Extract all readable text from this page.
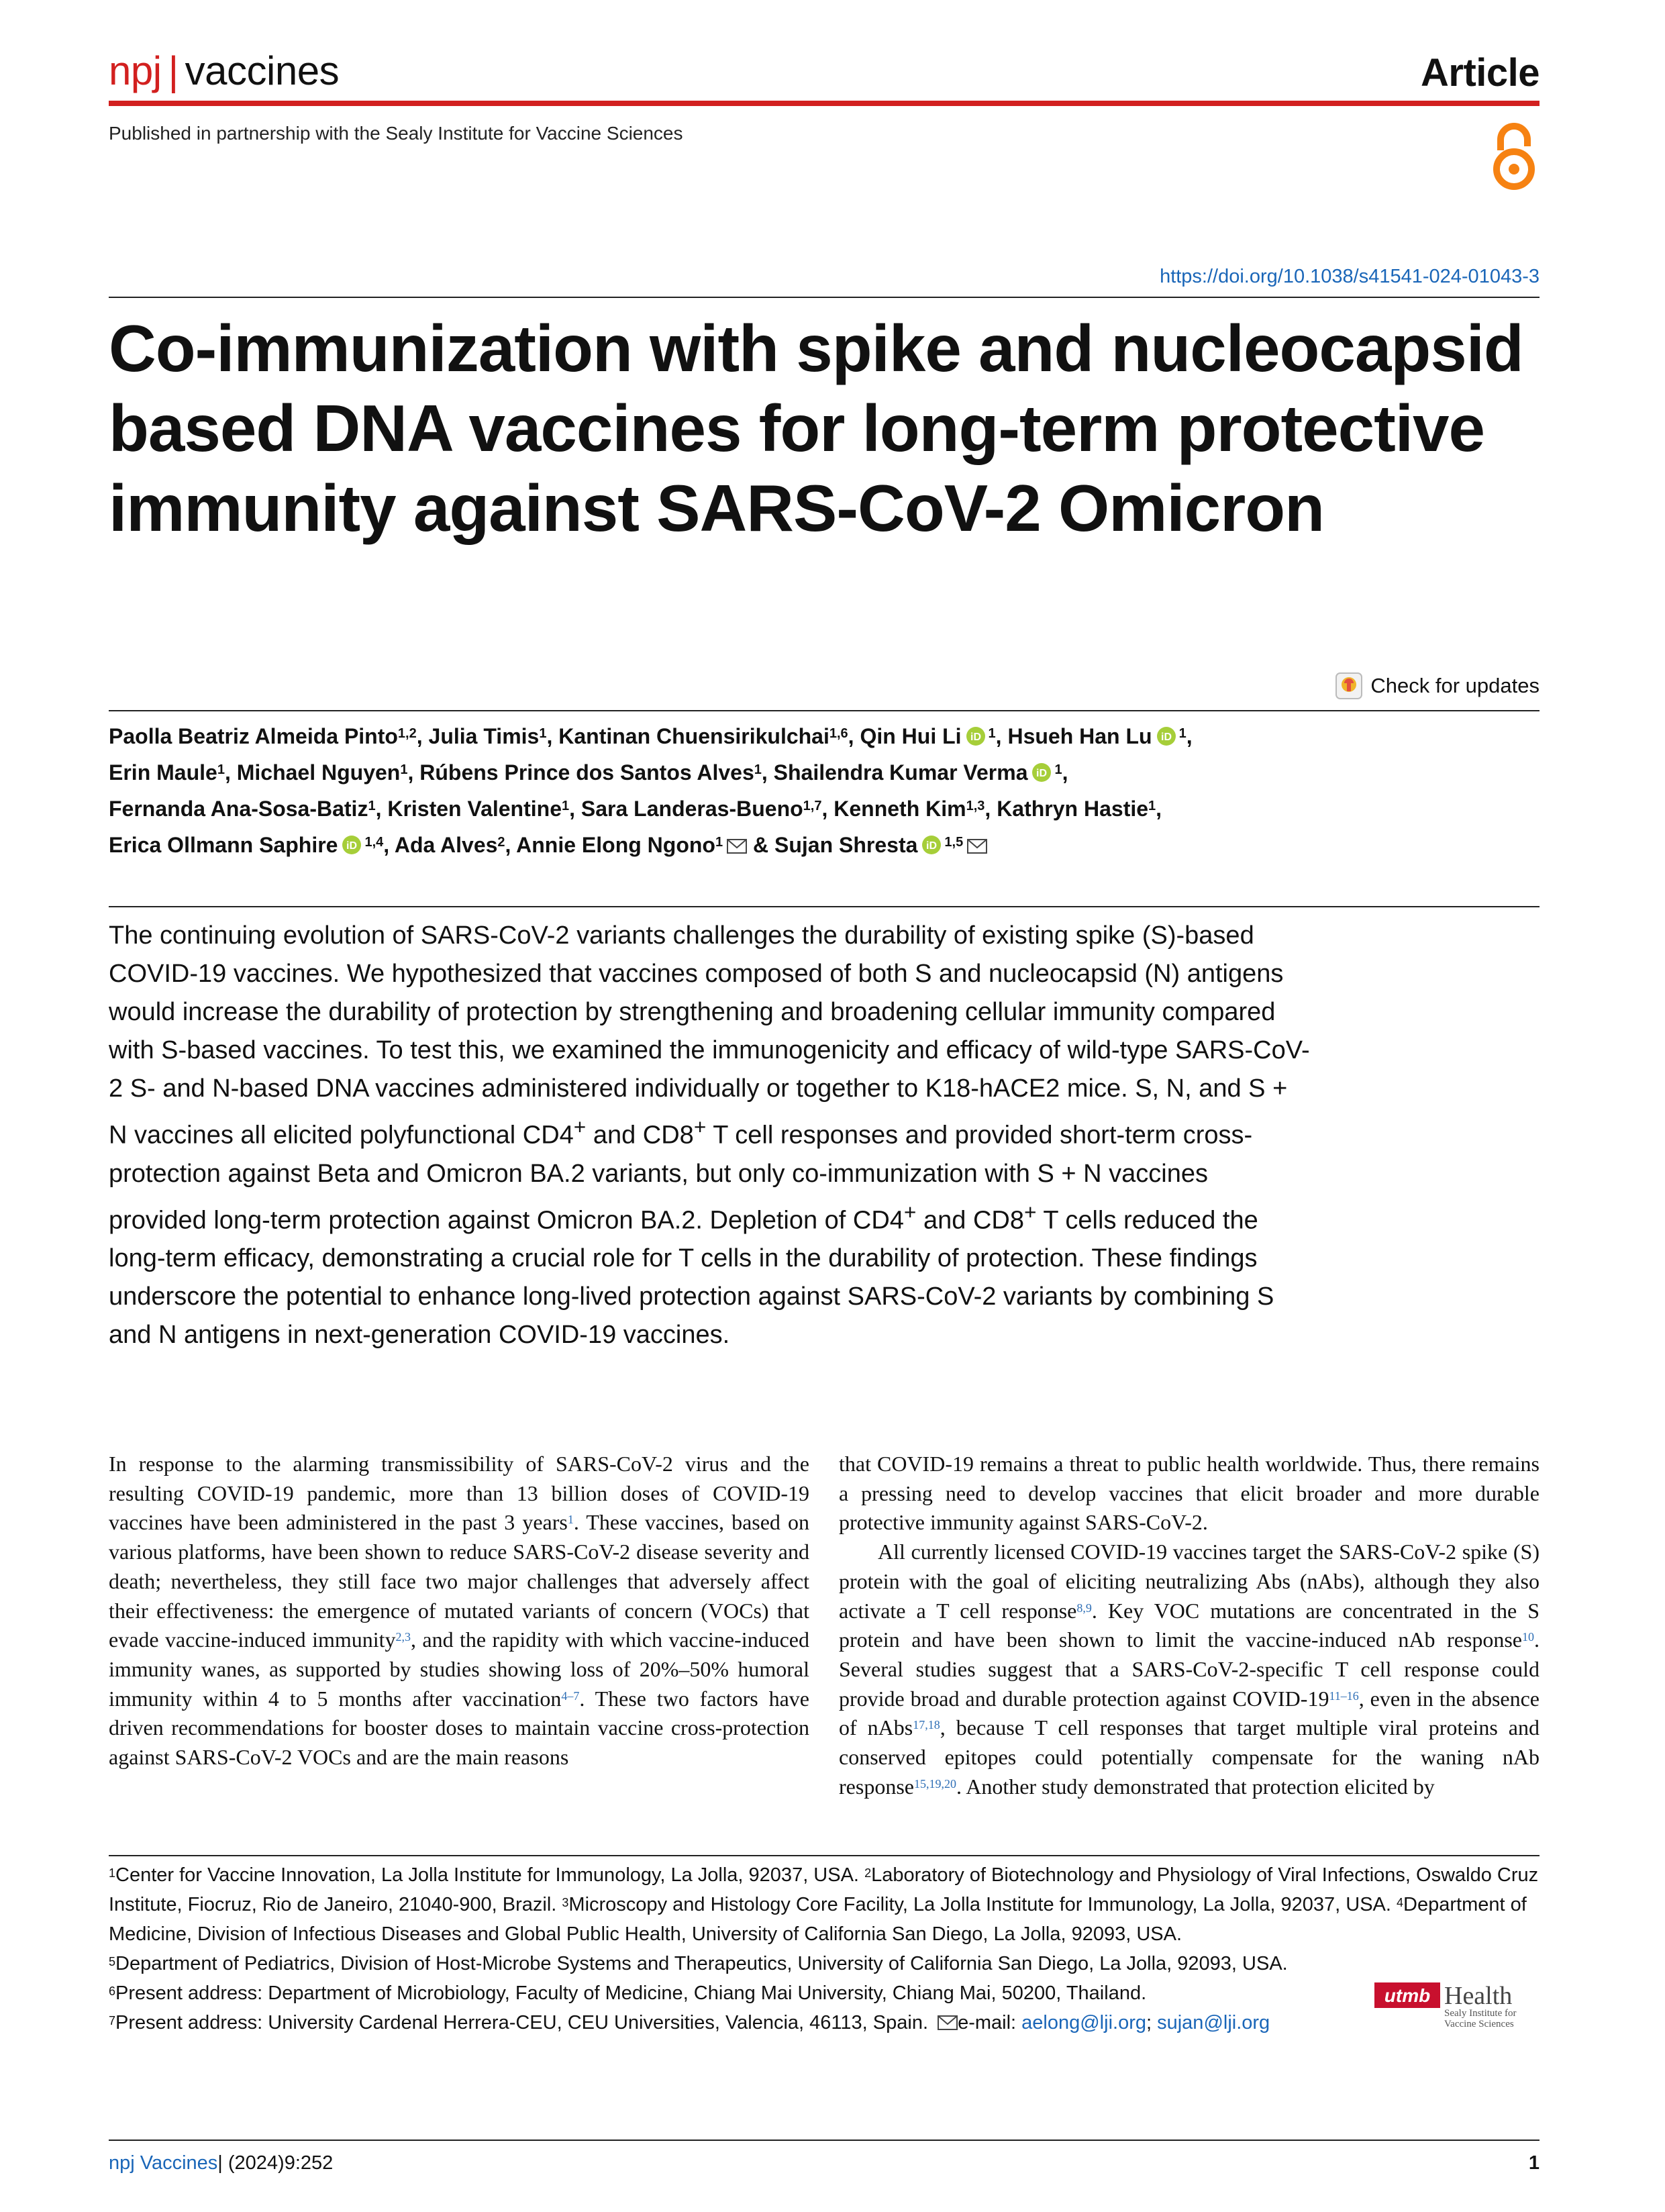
npj | vaccines	Article
Published in partnership with the Sealy Institute for Vaccine Sciences
https://doi.org/10.1038/s41541-024-01043-3
Co-immunization with spike and nucleocapsid based DNA vaccines for long-term protective immunity against SARS-CoV-2 Omicron
Check for updates
Paolla Beatriz Almeida Pinto$^{1,2}$, Julia Timis$^1$, Kantinan Chuensirikulchai$^{1,6}$, Qin Hui Li iD $^1$, Hsueh Han Lu iD $^1$,
Erin Maule$^1$, Michael Nguyen$^1$, Rúbens Prince dos Santos Alves$^1$, Shailendra Kumar Verma iD $^1$,
Fernanda Ana-Sosa-Batiz$^1$, Kristen Valentine$^1$, Sara Landeras-Bueno$^{1,7}$, Kenneth Kim$^{1,3}$, Kathryn Hastie$^1$,
Erica Ollmann Saphire iD $^{1,4}$, Ada Alves$^2$, Annie Elong Ngono$^1$ & Sujan Shresta iD $^{1,5}$

The continuing evolution of SARS-CoV-2 variants challenges the durability of existing spike (S)-based COVID-19 vaccines. We hypothesized that vaccines composed of both S and nucleocapsid (N) antigens would increase the durability of protection by strengthening and broadening cellular immunity compared with S-based vaccines. To test this, we examined the immunogenicity and efficacy of wild-type SARS-CoV-2 S- and N-based DNA vaccines administered individually or together to K18-hACE2 mice. S, N, and S + N vaccines all elicited polyfunctional CD4+ and CD8+ T cell responses and provided short-term cross-protection against Beta and Omicron BA.2 variants, but only co-immunization with S + N vaccines provided long-term protection against Omicron BA.2. Depletion of CD4+ and CD8+ T cells reduced the long-term efficacy, demonstrating a crucial role for T cells in the durability of protection. These findings underscore the potential to enhance long-lived protection against SARS-CoV-2 variants by combining S and N antigens in next-generation COVID-19 vaccines.

In response to the alarming transmissibility of SARS-CoV-2 virus and the resulting COVID-19 pandemic, more than 13 billion doses of COVID-19 vaccines have been administered in the past 3 years$^1$. These vaccines, based on various platforms, have been shown to reduce SARS-CoV-2 disease severity and death; nevertheless, they still face two major challenges that adversely affect their effectiveness: the emergence of mutated variants of concern (VOCs) that evade vaccine-induced immunity$^{2,3}$, and the rapidity with which vaccine-induced immunity wanes, as supported by studies showing loss of 20%–50% humoral immunity within 4 to 5 months after vaccination$^{4-7}$. These two factors have driven recommendations for booster doses to maintain vaccine cross-protection against SARS-CoV-2 VOCs and are the main reasons

that COVID-19 remains a threat to public health worldwide. Thus, there remains a pressing need to develop vaccines that elicit broader and more durable protective immunity against SARS-CoV-2.

All currently licensed COVID-19 vaccines target the SARS-CoV-2 spike (S) protein with the goal of eliciting neutralizing Abs (nAbs), although they also activate a T cell response$^{8,9}$. Key VOC mutations are concentrated in the S protein and have been shown to limit the vaccine-induced nAb response$^{10}$. Several studies suggest that a SARS-CoV-2-specific T cell response could provide broad and durable protection against COVID-19$^{11-16}$, even in the absence of nAbs$^{17,18}$, because T cell responses that target multiple viral proteins and conserved epitopes could potentially compensate for the waning nAb response$^{15,19,20}$. Another study demonstrated that protection elicited by

$^1$Center for Vaccine Innovation, La Jolla Institute for Immunology, La Jolla, 92037, USA. $^2$Laboratory of Biotechnology and Physiology of Viral Infections, Oswaldo Cruz Institute, Fiocruz, Rio de Janeiro, 21040-900, Brazil. $^3$Microscopy and Histology Core Facility, La Jolla Institute for Immunology, La Jolla, 92037, USA. $^4$Department of Medicine, Division of Infectious Diseases and Global Public Health, University of California San Diego, La Jolla, 92093, USA.

$^5$Department of Pediatrics, Division of Host-Microbe Systems and Therapeutics, University of California San Diego, La Jolla, 92093, USA. $^6$Present address: Department of Microbiology, Faculty of Medicine, Chiang Mai University, Chiang Mai, 50200, Thailand.

$^7$Present address: University Cardenal Herrera-CEU, CEU Universities, Valencia, 46113, Spain. e-mail: aelong@lji.org; sujan@lji.org

utmb Health
Sealy Institute for
Vaccine Sciences
npj Vaccines| (2024)9:252	1
